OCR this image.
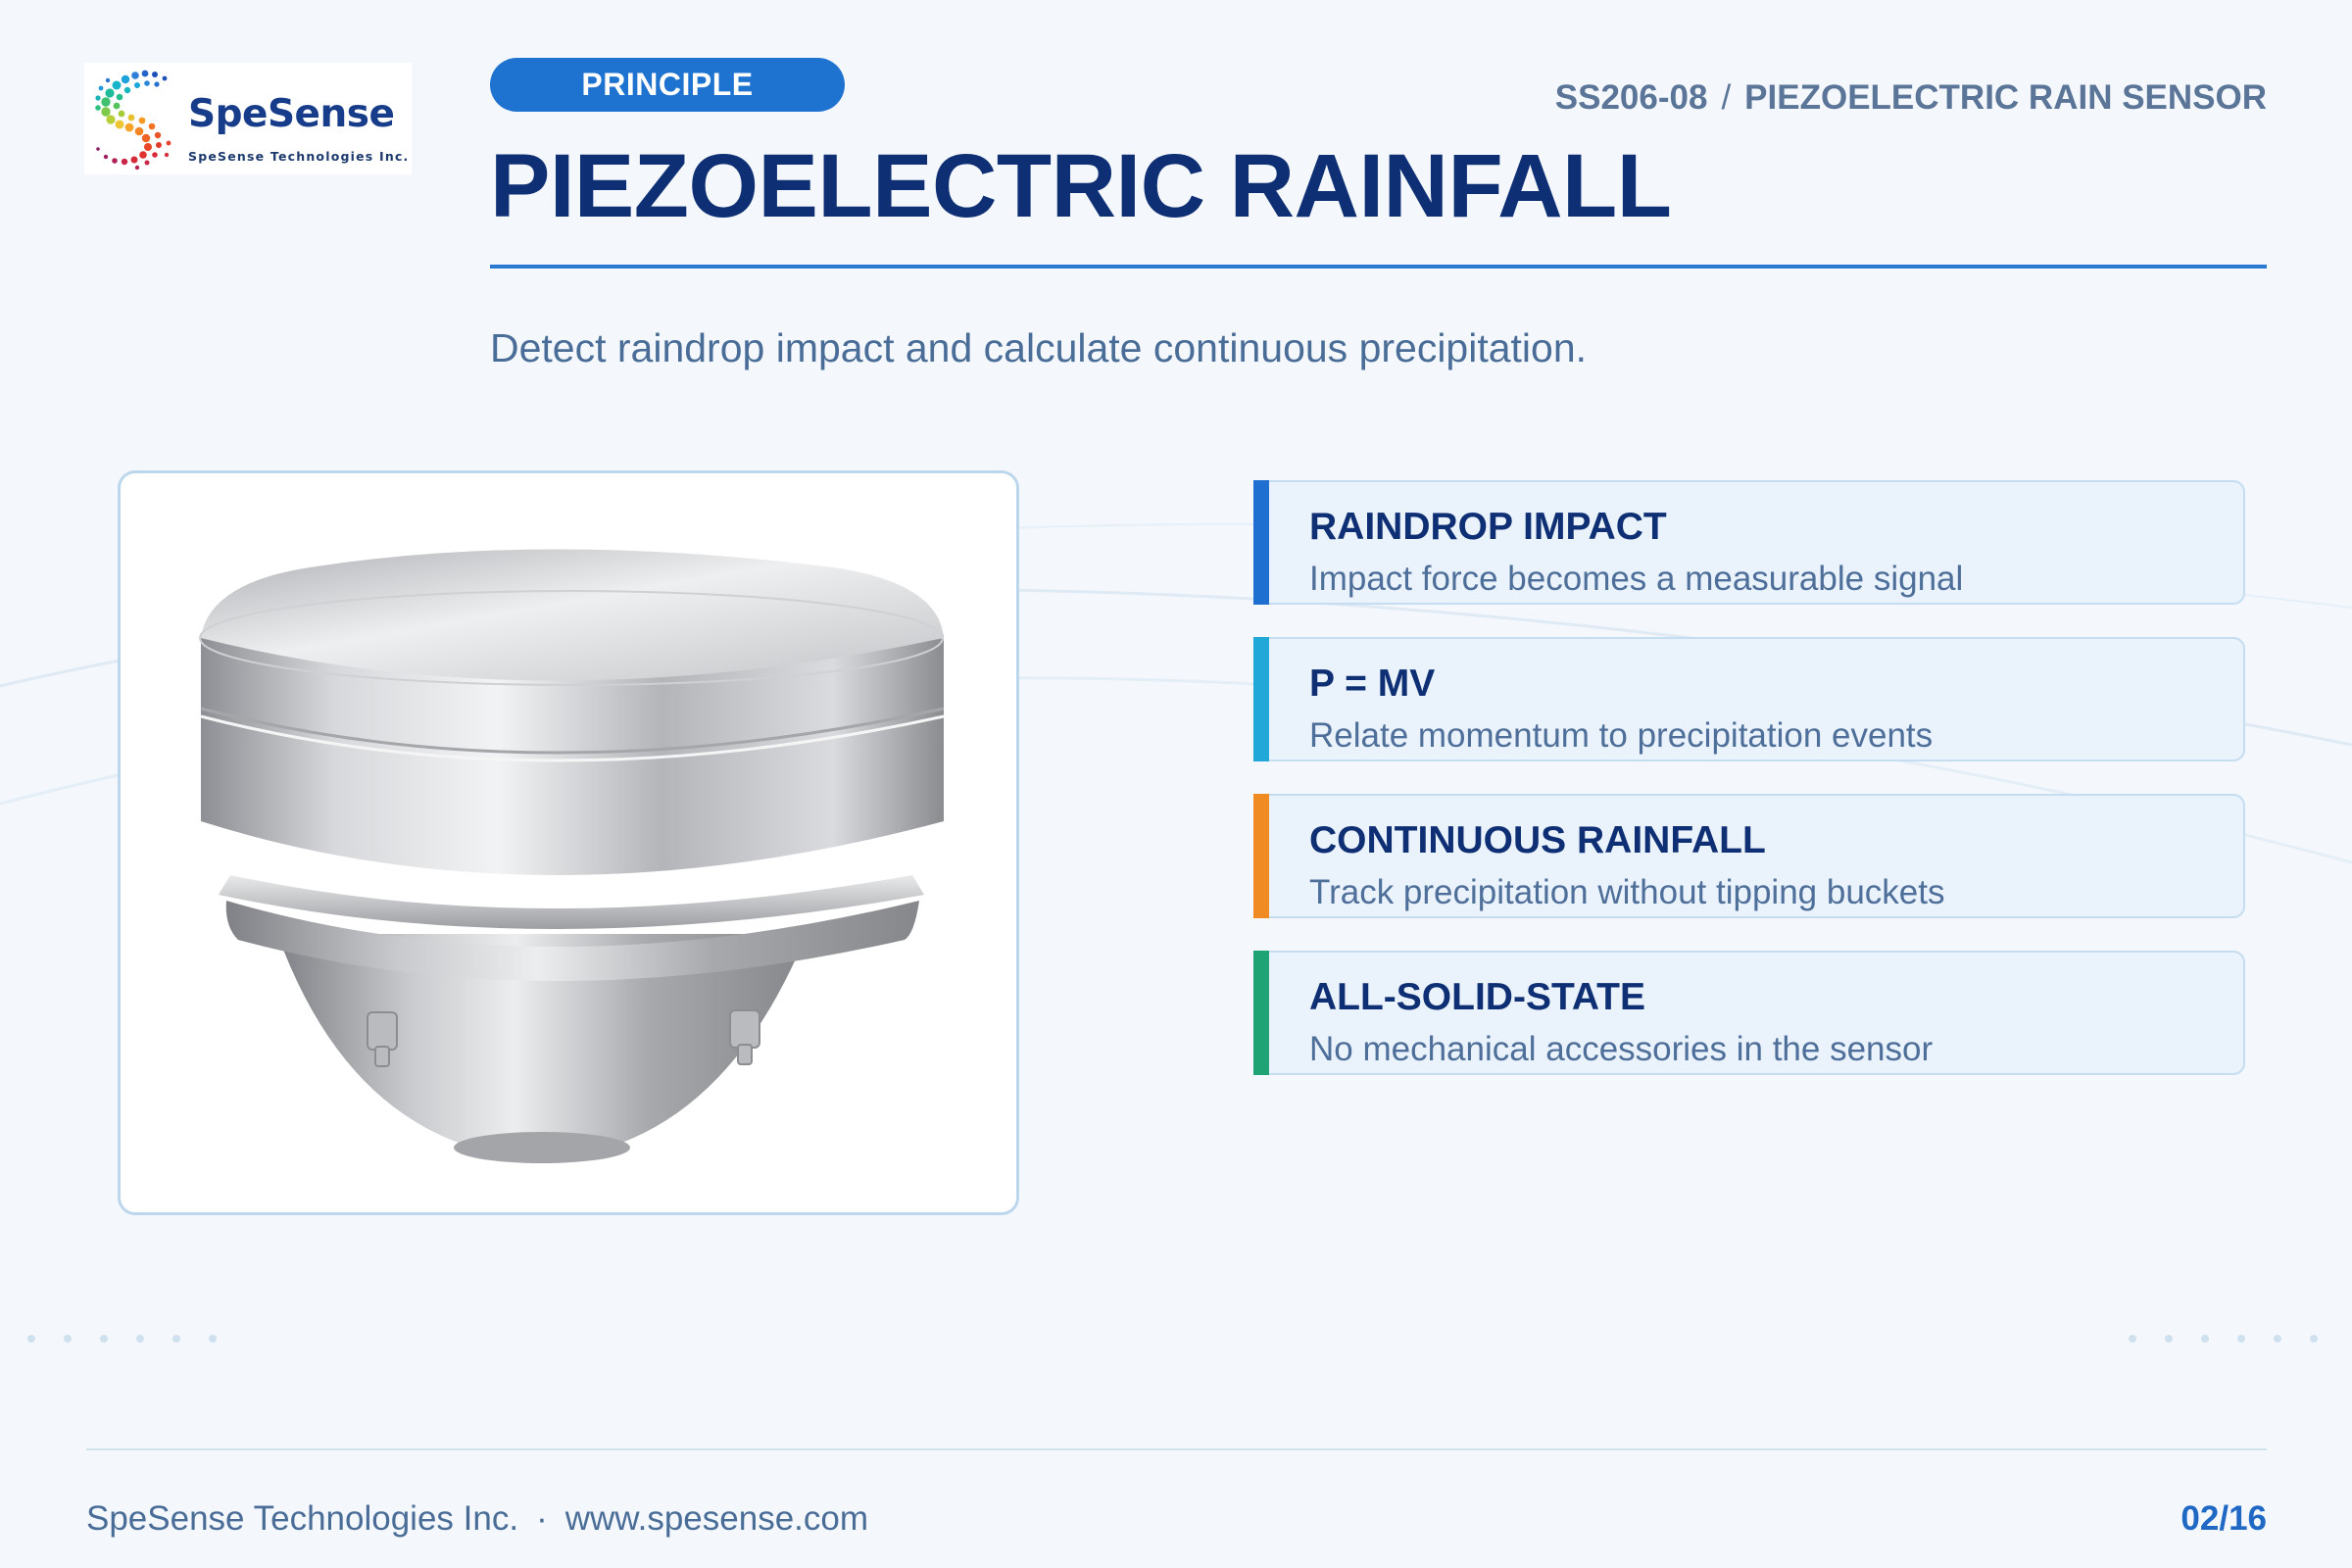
SpeSense
SpeSense Technologies Inc.
PRINCIPLE	SS206-08 / PIEZOELECTRIC RAIN SENSOR
PIEZOELECTRIC RAINFALL
Detect raindrop impact and calculate continuous precipitation.
RAINDROP IMPACT
Impact force becomes a measurable signal
P = MV
Relate momentum to precipitation events
CONTINUOUS RAINFALL
Track precipitation without tipping buckets
ALL-SOLID-STATE
No mechanical accessories in the sensor
SpeSense Technologies Inc. · www.spesense.com	02/16
